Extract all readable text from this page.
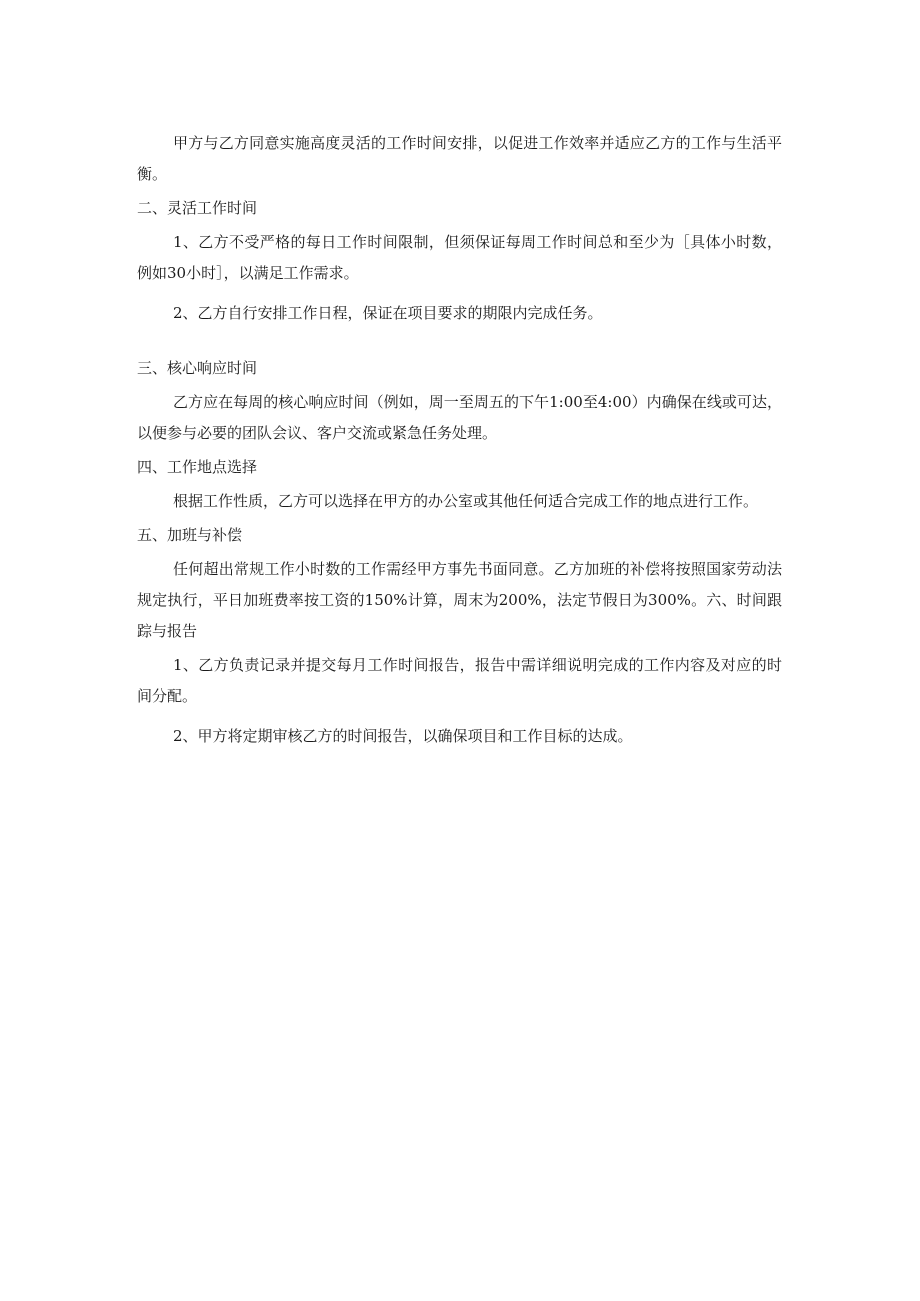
甲方与乙方同意实施高度灵活的工作时间安排，以促进工作效率并适应乙方的工作与生活平衡。

二、灵活工作时间

1、乙方不受严格的每日工作时间限制，但须保证每周工作时间总和至少为［具体小时数，例如30小时］，以满足工作需求。

2、乙方自行安排工作日程，保证在项目要求的期限内完成任务。

三、核心响应时间

乙方应在每周的核心响应时间（例如，周一至周五的下午1:00至4:00）内确保在线或可达，以便参与必要的团队会议、客户交流或紧急任务处理。

四、工作地点选择

根据工作性质，乙方可以选择在甲方的办公室或其他任何适合完成工作的地点进行工作。

五、加班与补偿

任何超出常规工作小时数的工作需经甲方事先书面同意。乙方加班的补偿将按照国家劳动法规定执行，平日加班费率按工资的150%计算，周末为200%，法定节假日为300%。六、时间跟踪与报告

1、乙方负责记录并提交每月工作时间报告，报告中需详细说明完成的工作内容及对应的时间分配。

2、甲方将定期审核乙方的时间报告，以确保项目和工作目标的达成。
